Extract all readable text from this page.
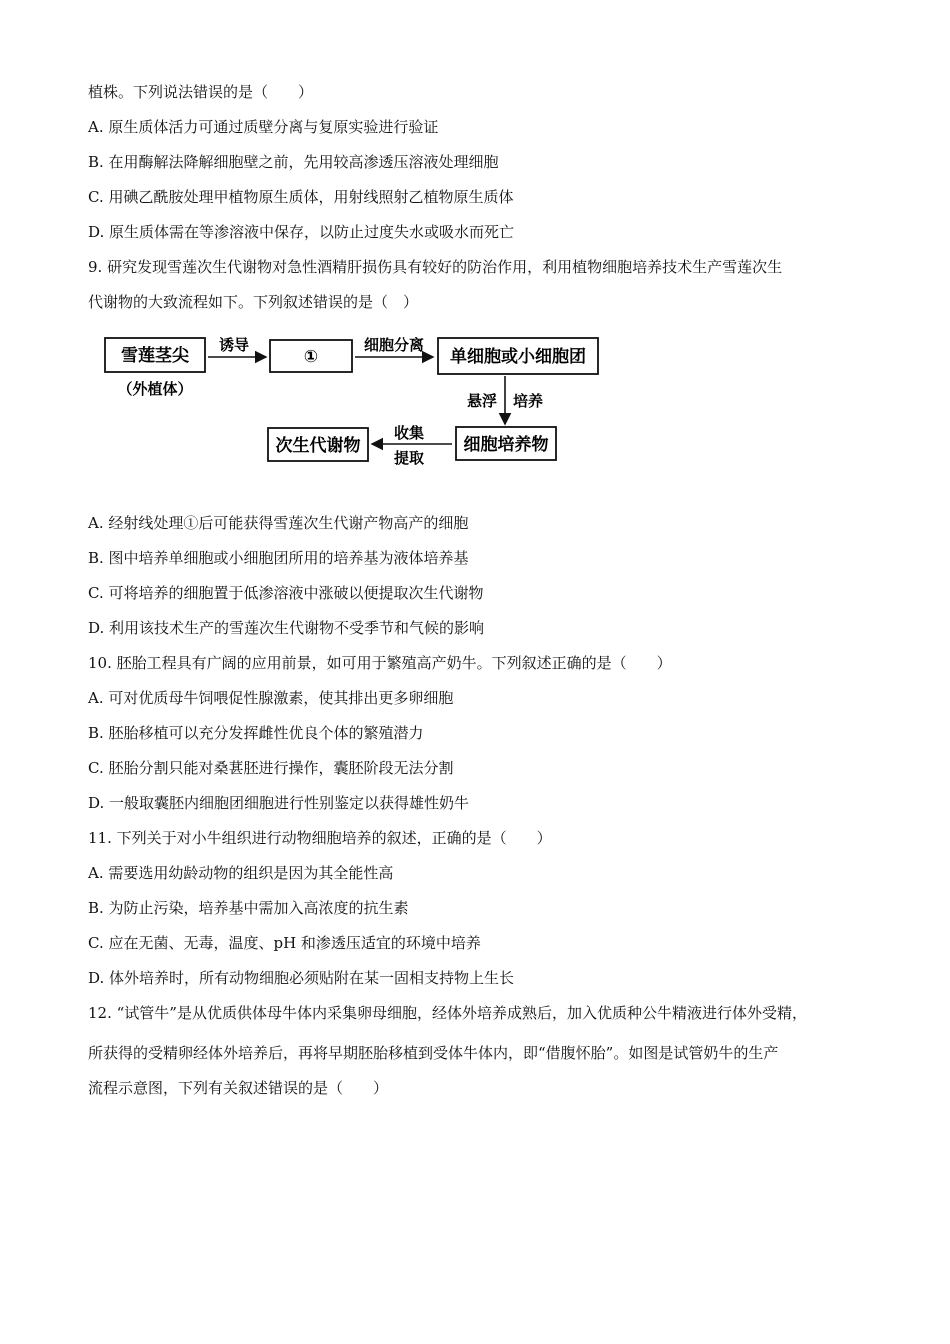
植株。下列说法错误的是（　　）
A. 原生质体活力可通过质壁分离与复原实验进行验证
B. 在用酶解法降解细胞壁之前，先用较高渗透压溶液处理细胞
C. 用碘乙酰胺处理甲植物原生质体，用射线照射乙植物原生质体
D. 原生质体需在等渗溶液中保存，以防止过度失水或吸水而死亡
9. 研究发现雪莲次生代谢物对急性酒精肝损伤具有较好的防治作用，利用植物细胞培养技术生产雪莲次生
代谢物的大致流程如下。下列叙述错误的是（　）
雪莲茎尖
（外植体）
诱导
①
细胞分离
单细胞或小细胞团
悬浮 培养
细胞培养物
收集
提取
次生代谢物
A. 经射线处理①后可能获得雪莲次生代谢产物高产的细胞
B. 图中培养单细胞或小细胞团所用的培养基为液体培养基
C. 可将培养的细胞置于低渗溶液中涨破以便提取次生代谢物
D. 利用该技术生产的雪莲次生代谢物不受季节和气候的影响
10. 胚胎工程具有广阔的应用前景，如可用于繁殖高产奶牛。下列叙述正确的是（　　）
A. 可对优质母牛饲喂促性腺激素，使其排出更多卵细胞
B. 胚胎移植可以充分发挥雌性优良个体的繁殖潜力
C. 胚胎分割只能对桑葚胚进行操作，囊胚阶段无法分割
D. 一般取囊胚内细胞团细胞进行性别鉴定以获得雄性奶牛
11. 下列关于对小牛组织进行动物细胞培养的叙述，正确的是（　　）
A. 需要选用幼龄动物的组织是因为其全能性高
B. 为防止污染，培养基中需加入高浓度的抗生素
C. 应在无菌、无毒，温度、pH 和渗透压适宜的环境中培养
D. 体外培养时，所有动物细胞必须贴附在某一固相支持物上生长
12. “试管牛”是从优质供体母牛体内采集卵母细胞，经体外培养成熟后，加入优质种公牛精液进行体外受精，
所获得的受精卵经体外培养后，再将早期胚胎移植到受体牛体内，即“借腹怀胎”。如图是试管奶牛的生产
流程示意图，下列有关叙述错误的是（　　）
